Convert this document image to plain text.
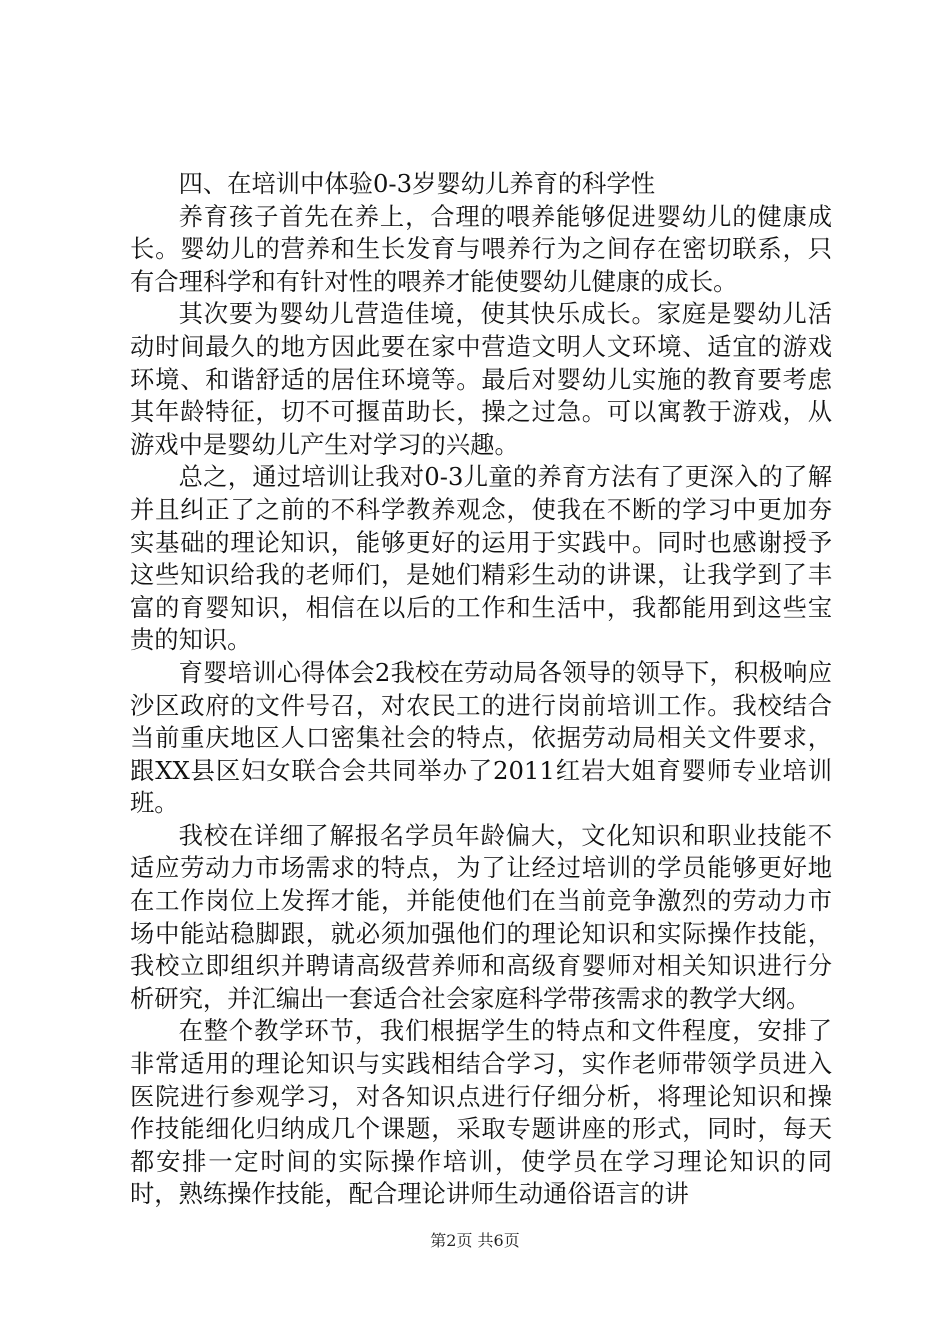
四、在培训中体验0-3岁婴幼儿养育的科学性

养育孩子首先在养上，合理的喂养能够促进婴幼儿的健康成长。婴幼儿的营养和生长发育与喂养行为之间存在密切联系，只有合理科学和有针对性的喂养才能使婴幼儿健康的成长。

其次要为婴幼儿营造佳境，使其快乐成长。家庭是婴幼儿活动时间最久的地方因此要在家中营造文明人文环境、适宜的游戏环境、和谐舒适的居住环境等。最后对婴幼儿实施的教育要考虑其年龄特征，切不可揠苗助长，操之过急。可以寓教于游戏，从游戏中是婴幼儿产生对学习的兴趣。

总之，通过培训让我对0-3儿童的养育方法有了更深入的了解并且纠正了之前的不科学教养观念，使我在不断的学习中更加夯实基础的理论知识，能够更好的运用于实践中。同时也感谢授予这些知识给我的老师们，是她们精彩生动的讲课，让我学到了丰富的育婴知识，相信在以后的工作和生活中，我都能用到这些宝贵的知识。

育婴培训心得体会2我校在劳动局各领导的领导下，积极响应沙区政府的文件号召，对农民工的进行岗前培训工作。我校结合当前重庆地区人口密集社会的特点，依据劳动局相关文件要求，跟XX县区妇女联合会共同举办了2011红岩大姐育婴师专业培训班。

我校在详细了解报名学员年龄偏大，文化知识和职业技能不适应劳动力市场需求的特点，为了让经过培训的学员能够更好地在工作岗位上发挥才能，并能使他们在当前竞争激烈的劳动力市场中能站稳脚跟，就必须加强他们的理论知识和实际操作技能，我校立即组织并聘请高级营养师和高级育婴师对相关知识进行分析研究，并汇编出一套适合社会家庭科学带孩需求的教学大纲。

在整个教学环节，我们根据学生的特点和文件程度，安排了非常适用的理论知识与实践相结合学习，实作老师带领学员进入医院进行参观学习，对各知识点进行仔细分析，将理论知识和操作技能细化归纳成几个课题，采取专题讲座的形式，同时，每天都安排一定时间的实际操作培训，使学员在学习理论知识的同时，熟练操作技能，配合理论讲师生动通俗语言的讲

第2页 共6页
